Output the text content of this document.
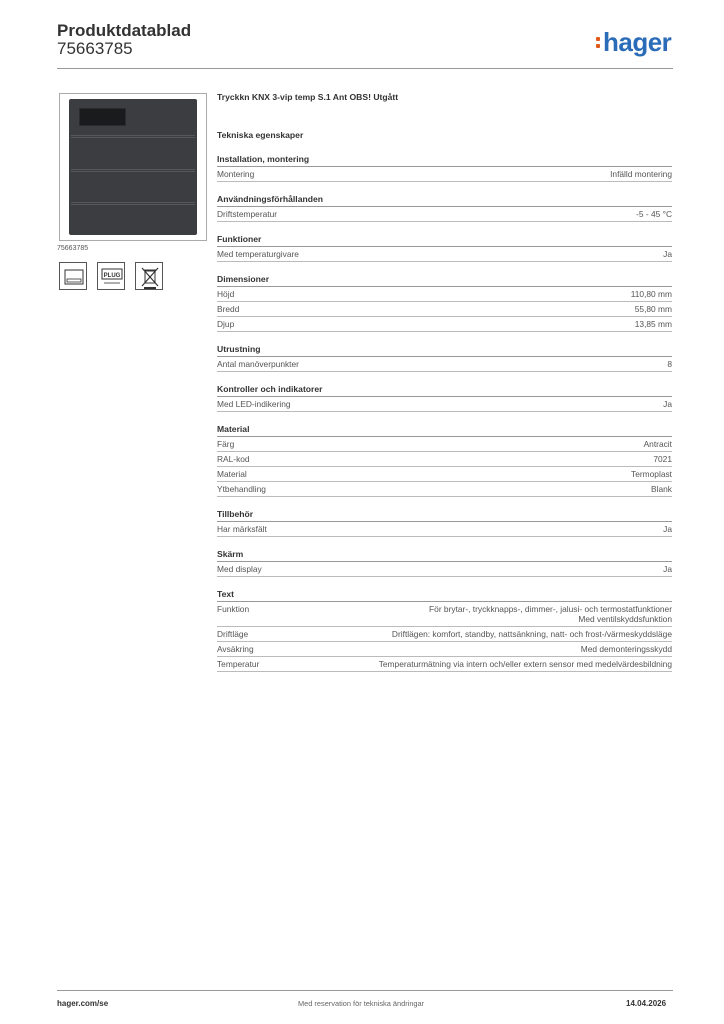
Produktdatablad
75663785	hager
75663785
PLUG
Tryckkn KNX 3-vip temp S.1 Ant OBS! Utgått
Tekniska egenskaper
Installation, montering
Montering	Infälld montering
Användningsförhållanden
Driftstemperatur	-5 - 45 °C
Funktioner
Med temperaturgivare	Ja
Dimensioner
Höjd	110,80 mm
Bredd	55,80 mm
Djup	13,85 mm
Utrustning
Antal manöverpunkter	8
Kontroller och indikatorer
Med LED-indikering	Ja
Material
Färg	Antracit
RAL-kod	7021
Material	Termoplast
Ytbehandling	Blank
Tillbehör
Har märksfält	Ja
Skärm
Med display	Ja
Text
Funktion	För brytar-, tryckknapps-, dimmer-, jalusi- och termostatfunktioner
Med ventilskyddsfunktion
Driftläge	Driftlägen: komfort, standby, nattsänkning, natt- och frost-/värmeskyddsläge
Avsäkring	Med demonteringsskydd
Temperatur	Temperaturmätning via intern och/eller extern sensor med medelvärdesbildning
hager.com/se	Med reservation för tekniska ändringar	14.04.2026
